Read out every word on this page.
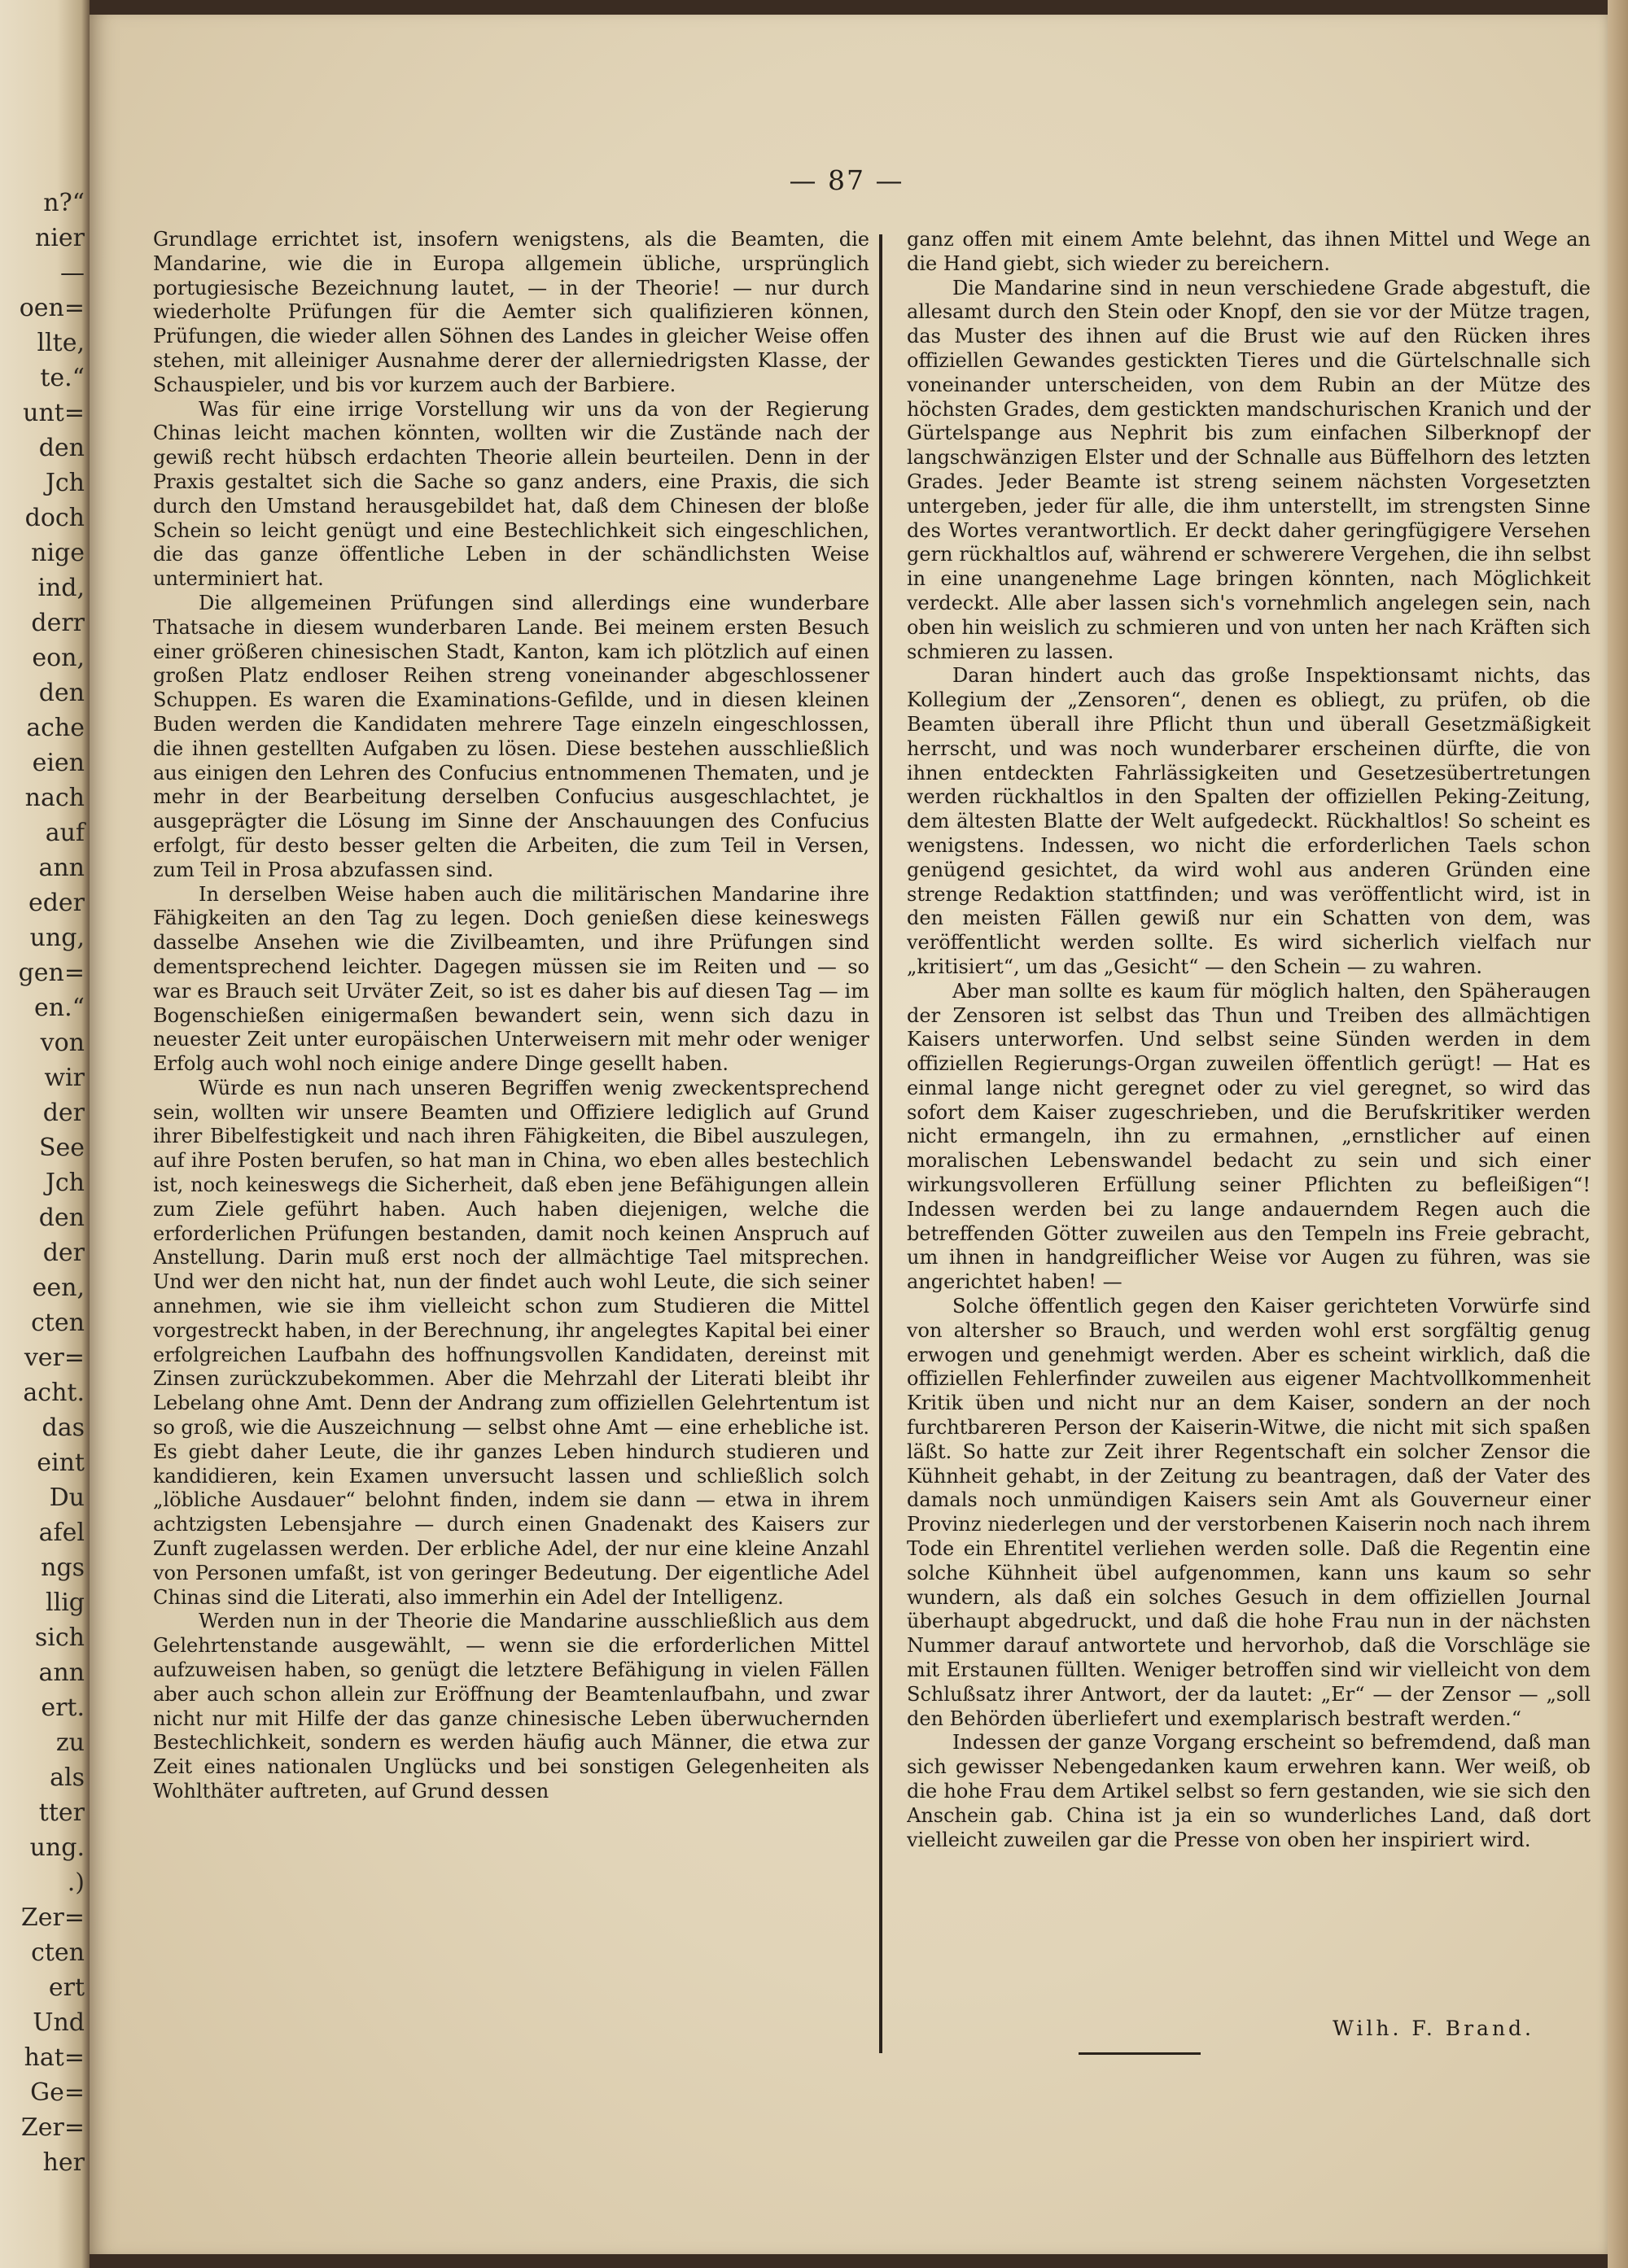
n?“
nier
—
oen=
llte,
te.“
unt=
den
Jch
doch
nige
ind,
derr
eon,
den
ache
eien
nach
auf
ann
eder
ung,
gen=
en.“
von
wir
der
See
Jch
den
der
een,
cten
ver=
acht.
das
eint
Du
afel
ngs
llig
sich
ann
ert.
zu
als
tter
ung.
.)
Zer=
cten
ert
Und
hat=
Ge=
Zer=
her
— 87 —

Grundlage errichtet ist, insofern wenigstens, als die Beamten, die Mandarine, wie die in Europa allgemein übliche, ursprünglich portugiesische Bezeichnung lautet, — in der Theorie! — nur durch wiederholte Prüfungen für die Aemter sich qualifizieren können, Prüfungen, die wieder allen Söhnen des Landes in gleicher Weise offen stehen, mit alleiniger Ausnahme derer der allerniedrigsten Klasse, der Schauspieler, und bis vor kurzem auch der Barbiere.

Was für eine irrige Vorstellung wir uns da von der Regierung Chinas leicht machen könnten, wollten wir die Zustände nach der gewiß recht hübsch erdachten Theorie allein beurteilen. Denn in der Praxis gestaltet sich die Sache so ganz anders, eine Praxis, die sich durch den Umstand herausgebildet hat, daß dem Chinesen der bloße Schein so leicht genügt und eine Bestechlichkeit sich eingeschlichen, die das ganze öffentliche Leben in der schändlichsten Weise unterminiert hat.

Die allgemeinen Prüfungen sind allerdings eine wunderbare Thatsache in diesem wunderbaren Lande. Bei meinem ersten Besuch einer größeren chinesischen Stadt, Kanton, kam ich plötzlich auf einen großen Platz endloser Reihen streng voneinander abgeschlossener Schuppen. Es waren die Examinations-Gefilde, und in diesen kleinen Buden werden die Kandidaten mehrere Tage einzeln eingeschlossen, die ihnen gestellten Aufgaben zu lösen. Diese bestehen ausschließlich aus einigen den Lehren des Confucius entnommenen Thematen, und je mehr in der Bearbeitung derselben Confucius ausgeschlachtet, je ausgeprägter die Lösung im Sinne der Anschauungen des Confucius erfolgt, für desto besser gelten die Arbeiten, die zum Teil in Versen, zum Teil in Prosa abzufassen sind.

In derselben Weise haben auch die militärischen Mandarine ihre Fähigkeiten an den Tag zu legen. Doch genießen diese keineswegs dasselbe Ansehen wie die Zivilbeamten, und ihre Prüfungen sind dementsprechend leichter. Dagegen müssen sie im Reiten und — so war es Brauch seit Urväter Zeit, so ist es daher bis auf diesen Tag — im Bogenschießen einigermaßen bewandert sein, wenn sich dazu in neuester Zeit unter europäischen Unterweisern mit mehr oder weniger Erfolg auch wohl noch einige andere Dinge gesellt haben.

Würde es nun nach unseren Begriffen wenig zweckentsprechend sein, wollten wir unsere Beamten und Offiziere lediglich auf Grund ihrer Bibelfestigkeit und nach ihren Fähigkeiten, die Bibel auszulegen, auf ihre Posten berufen, so hat man in China, wo eben alles bestechlich ist, noch keineswegs die Sicherheit, daß eben jene Befähigungen allein zum Ziele geführt haben. Auch haben diejenigen, welche die erforderlichen Prüfungen bestanden, damit noch keinen Anspruch auf Anstellung. Darin muß erst noch der allmächtige Tael mitsprechen. Und wer den nicht hat, nun der findet auch wohl Leute, die sich seiner annehmen, wie sie ihm vielleicht schon zum Studieren die Mittel vorgestreckt haben, in der Berechnung, ihr angelegtes Kapital bei einer erfolgreichen Laufbahn des hoffnungsvollen Kandidaten, dereinst mit Zinsen zurückzubekommen. Aber die Mehrzahl der Literati bleibt ihr Lebelang ohne Amt. Denn der Andrang zum offiziellen Gelehrtentum ist so groß, wie die Auszeichnung — selbst ohne Amt — eine erhebliche ist. Es giebt daher Leute, die ihr ganzes Leben hindurch studieren und kandidieren, kein Examen unversucht lassen und schließlich solch „löbliche Ausdauer“ belohnt finden, indem sie dann — etwa in ihrem achtzigsten Lebensjahre — durch einen Gnadenakt des Kaisers zur Zunft zugelassen werden. Der erbliche Adel, der nur eine kleine Anzahl von Personen umfaßt, ist von geringer Bedeutung. Der eigentliche Adel Chinas sind die Literati, also immerhin ein Adel der Intelligenz.

Werden nun in der Theorie die Mandarine ausschließlich aus dem Gelehrtenstande ausgewählt, — wenn sie die erforderlichen Mittel aufzuweisen haben, so genügt die letztere Befähigung in vielen Fällen aber auch schon allein zur Eröffnung der Beamtenlaufbahn, und zwar nicht nur mit Hilfe der das ganze chinesische Leben überwuchernden Bestechlichkeit, sondern es werden häufig auch Männer, die etwa zur Zeit eines nationalen Unglücks und bei sonstigen Gelegenheiten als Wohlthäter auftreten, auf Grund dessen

ganz offen mit einem Amte belehnt, das ihnen Mittel und Wege an die Hand giebt, sich wieder zu bereichern.

Die Mandarine sind in neun verschiedene Grade abgestuft, die allesamt durch den Stein oder Knopf, den sie vor der Mütze tragen, das Muster des ihnen auf die Brust wie auf den Rücken ihres offiziellen Gewandes gestickten Tieres und die Gürtelschnalle sich voneinander unterscheiden, von dem Rubin an der Mütze des höchsten Grades, dem gestickten mandschurischen Kranich und der Gürtelspange aus Nephrit bis zum einfachen Silberknopf der langschwänzigen Elster und der Schnalle aus Büffelhorn des letzten Grades. Jeder Beamte ist streng seinem nächsten Vorgesetzten untergeben, jeder für alle, die ihm unterstellt, im strengsten Sinne des Wortes verantwortlich. Er deckt daher geringfügigere Versehen gern rückhaltlos auf, während er schwerere Vergehen, die ihn selbst in eine unangenehme Lage bringen könnten, nach Möglichkeit verdeckt. Alle aber lassen sich's vornehmlich angelegen sein, nach oben hin weislich zu schmieren und von unten her nach Kräften sich schmieren zu lassen.

Daran hindert auch das große Inspektionsamt nichts, das Kollegium der „Zensoren“, denen es obliegt, zu prüfen, ob die Beamten überall ihre Pflicht thun und überall Gesetzmäßigkeit herrscht, und was noch wunderbarer erscheinen dürfte, die von ihnen entdeckten Fahrlässigkeiten und Gesetzesübertretungen werden rückhaltlos in den Spalten der offiziellen Peking-Zeitung, dem ältesten Blatte der Welt aufgedeckt. Rückhaltlos! So scheint es wenigstens. Indessen, wo nicht die erforderlichen Taels schon genügend gesichtet, da wird wohl aus anderen Gründen eine strenge Redaktion stattfinden; und was veröffentlicht wird, ist in den meisten Fällen gewiß nur ein Schatten von dem, was veröffentlicht werden sollte. Es wird sicherlich vielfach nur „kritisiert“, um das „Gesicht“ — den Schein — zu wahren.

Aber man sollte es kaum für möglich halten, den Späheraugen der Zensoren ist selbst das Thun und Treiben des allmächtigen Kaisers unterworfen. Und selbst seine Sünden werden in dem offiziellen Regierungs-Organ zuweilen öffentlich gerügt! — Hat es einmal lange nicht geregnet oder zu viel geregnet, so wird das sofort dem Kaiser zugeschrieben, und die Berufskritiker werden nicht ermangeln, ihn zu ermahnen, „ernstlicher auf einen moralischen Lebenswandel bedacht zu sein und sich einer wirkungsvolleren Erfüllung seiner Pflichten zu befleißigen“! Indessen werden bei zu lange andauerndem Regen auch die betreffenden Götter zuweilen aus den Tempeln ins Freie gebracht, um ihnen in handgreiflicher Weise vor Augen zu führen, was sie angerichtet haben! —

Solche öffentlich gegen den Kaiser gerichteten Vorwürfe sind von altersher so Brauch, und werden wohl erst sorgfältig genug erwogen und genehmigt werden. Aber es scheint wirklich, daß die offiziellen Fehlerfinder zuweilen aus eigener Machtvollkommenheit Kritik üben und nicht nur an dem Kaiser, sondern an der noch furchtbareren Person der Kaiserin-Witwe, die nicht mit sich spaßen läßt. So hatte zur Zeit ihrer Regentschaft ein solcher Zensor die Kühnheit gehabt, in der Zeitung zu beantragen, daß der Vater des damals noch unmündigen Kaisers sein Amt als Gouverneur einer Provinz niederlegen und der verstorbenen Kaiserin noch nach ihrem Tode ein Ehrentitel verliehen werden solle. Daß die Regentin eine solche Kühnheit übel aufgenommen, kann uns kaum so sehr wundern, als daß ein solches Gesuch in dem offiziellen Journal überhaupt abgedruckt, und daß die hohe Frau nun in der nächsten Nummer darauf antwortete und hervorhob, daß die Vorschläge sie mit Erstaunen füllten. Weniger betroffen sind wir vielleicht von dem Schlußsatz ihrer Antwort, der da lautet: „Er“ — der Zensor — „soll den Behörden überliefert und exemplarisch bestraft werden.“

Indessen der ganze Vorgang erscheint so befremdend, daß man sich gewisser Nebengedanken kaum erwehren kann. Wer weiß, ob die hohe Frau dem Artikel selbst so fern gestanden, wie sie sich den Anschein gab. China ist ja ein so wunderliches Land, daß dort vielleicht zuweilen gar die Presse von oben her inspiriert wird.

Wilh. F. Brand.
